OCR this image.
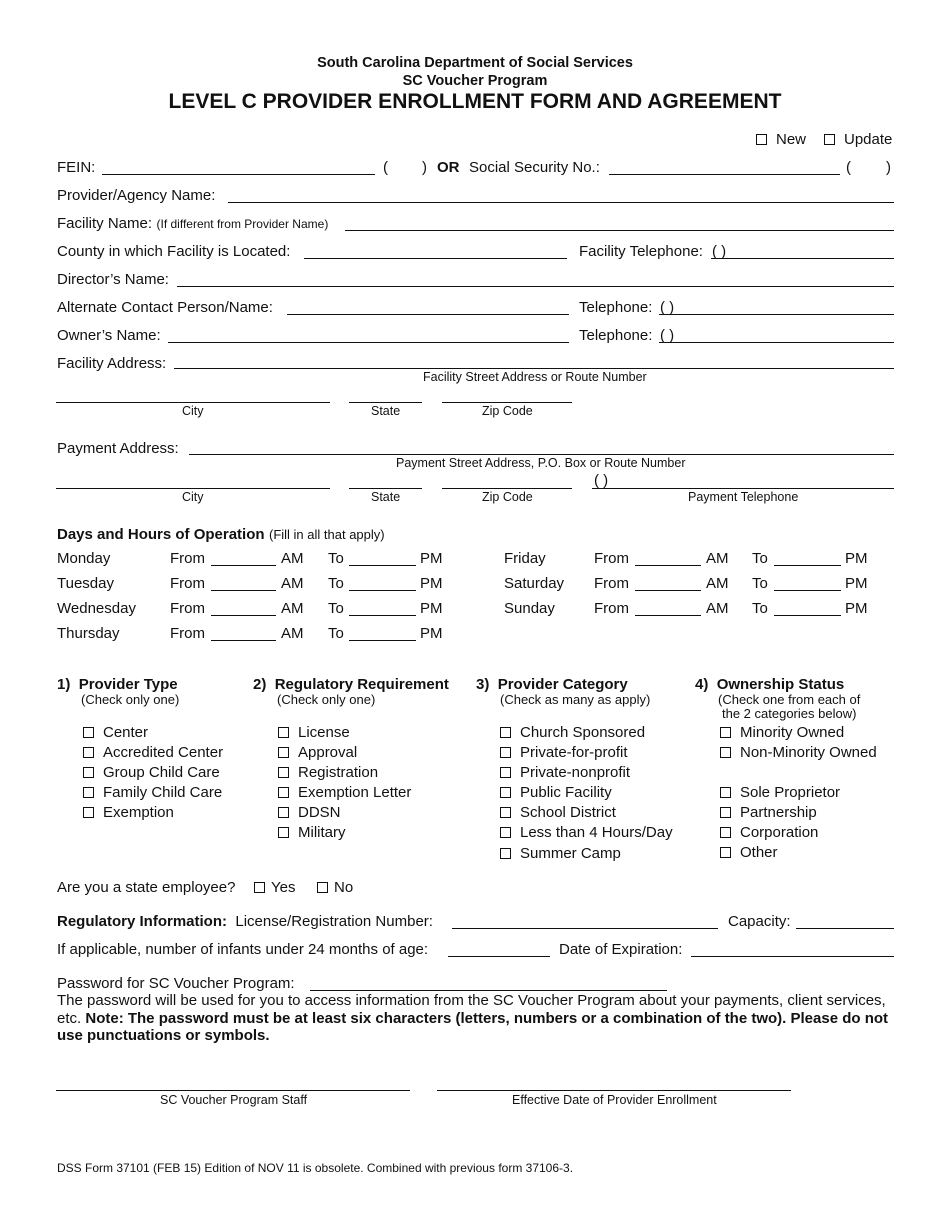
South Carolina Department of Social Services
SC Voucher Program
LEVEL C PROVIDER ENROLLMENT FORM AND AGREEMENT
New	Update
FEIN:	( ) OR Social Security No.:	( )
Provider/Agency Name:
Facility Name: (If different from Provider Name)
County in which Facility is Located:	Facility Telephone: ( )
Director’s Name:
Alternate Contact Person/Name:	Telephone: ( )
Owner’s Name:	Telephone: ( )
Facility Address:
Facility Street Address or Route Number
City	State	Zip Code
Payment Address:
Payment Street Address, P.O. Box or Route Number
( )
City	State	Zip Code	Payment Telephone
Days and Hours of Operation (Fill in all that apply)
Monday	From	AM To	PM
Tuesday	From	AM To	PM
Wednesday From	AM To	PM
Thursday	From	AM To	PM
Friday	From	AM To	PM
Saturday From	AM To	PM
Sunday	From	AM To	PM
1) Provider Type
(Check only one)
Center
Accredited Center
Group Child Care
Family Child Care
Exemption
2) Regulatory Requirement
(Check only one)
License
Approval
Registration
Exemption Letter
DDSN
Military
3) Provider Category
(Check as many as apply)
Church Sponsored
Private-for-profit
Private-nonprofit
Public Facility
School District
Less than 4 Hours/Day
Summer Camp
4) Ownership Status
(Check one from each of
the 2 categories below)
Minority Owned
Non-Minority Owned
Sole Proprietor
Partnership
Corporation
Other
Are you a state employee?	Yes	No
Regulatory Information: License/Registration Number:	Capacity:
If applicable, number of infants under 24 months of age:	Date of Expiration:
Password for SC Voucher Program:
The password will be used for you to access information from the SC Voucher Program about your payments, client services, etc. Note: The password must be at least six characters (letters, numbers or a combination of the two). Please do not use punctuations or symbols.
SC Voucher Program Staff	Effective Date of Provider Enrollment
DSS Form 37101 (FEB 15) Edition of NOV 11 is obsolete. Combined with previous form 37106-3.
